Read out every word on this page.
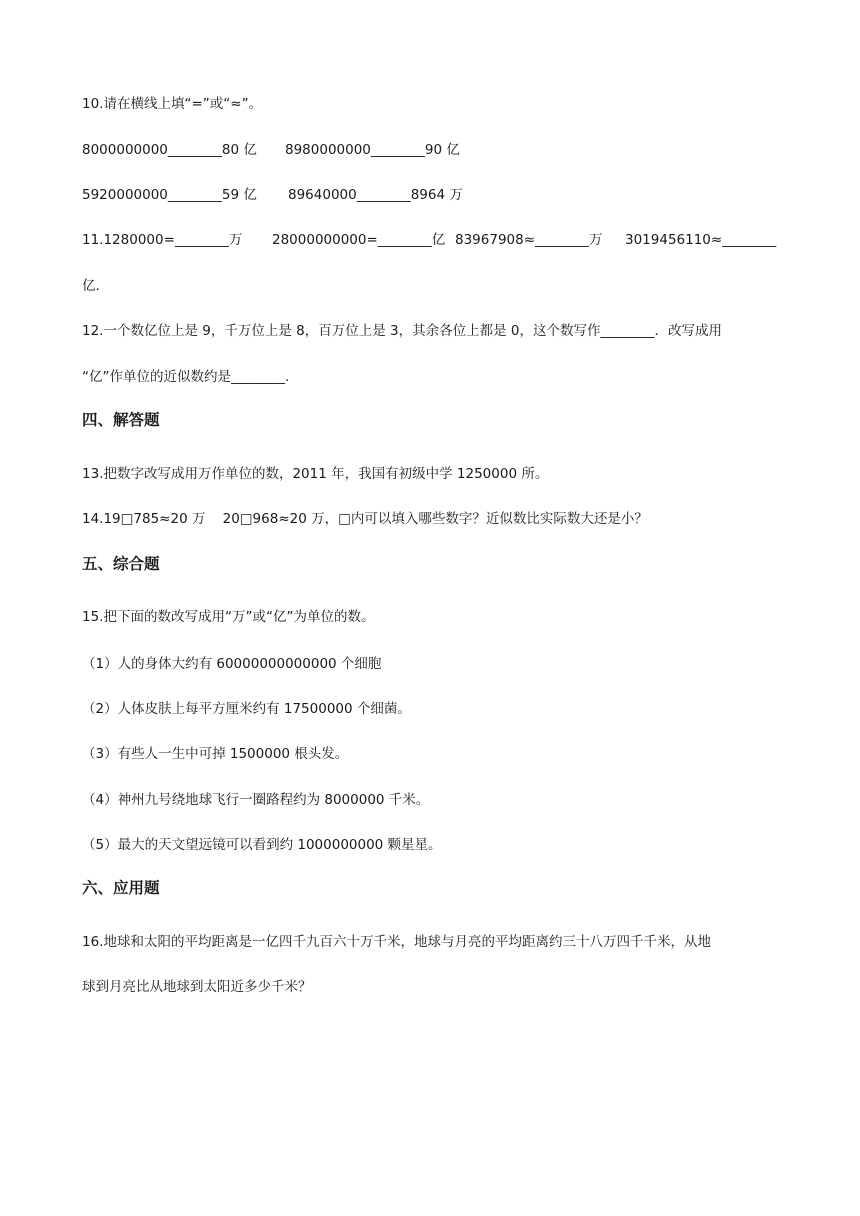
10.请在横线上填“=”或“≈”。
8000000000________80 亿 8980000000________90 亿
5920000000________59 亿 89640000________8964 万
11.1280000=________万 28000000000=________亿 83967908≈________万 3019456110≈________
亿.
12.一个数亿位上是 9，千万位上是 8，百万位上是 3，其余各位上都是 0，这个数写作________．改写成用
“亿”作单位的近似数约是________.
四、解答题
13.把数字改写成用万作单位的数，2011 年，我国有初级中学 1250000 所。
14.19□785≈20 万    20□968≈20 万，□内可以填入哪些数字？近似数比实际数大还是小？
五、综合题
15.把下面的数改写成用“万”或“亿”为单位的数。
（1）人的身体大约有 60000000000000 个细胞
（2）人体皮肤上每平方厘米约有 17500000 个细菌。
（3）有些人一生中可掉 1500000 根头发。
（4）神州九号绕地球飞行一圈路程约为 8000000 千米。
（5）最大的天文望远镜可以看到约 1000000000 颗星星。
六、应用题
16.地球和太阳的平均距离是一亿四千九百六十万千米，地球与月亮的平均距离约三十八万四千千米，从地
球到月亮比从地球到太阳近多少千米？
